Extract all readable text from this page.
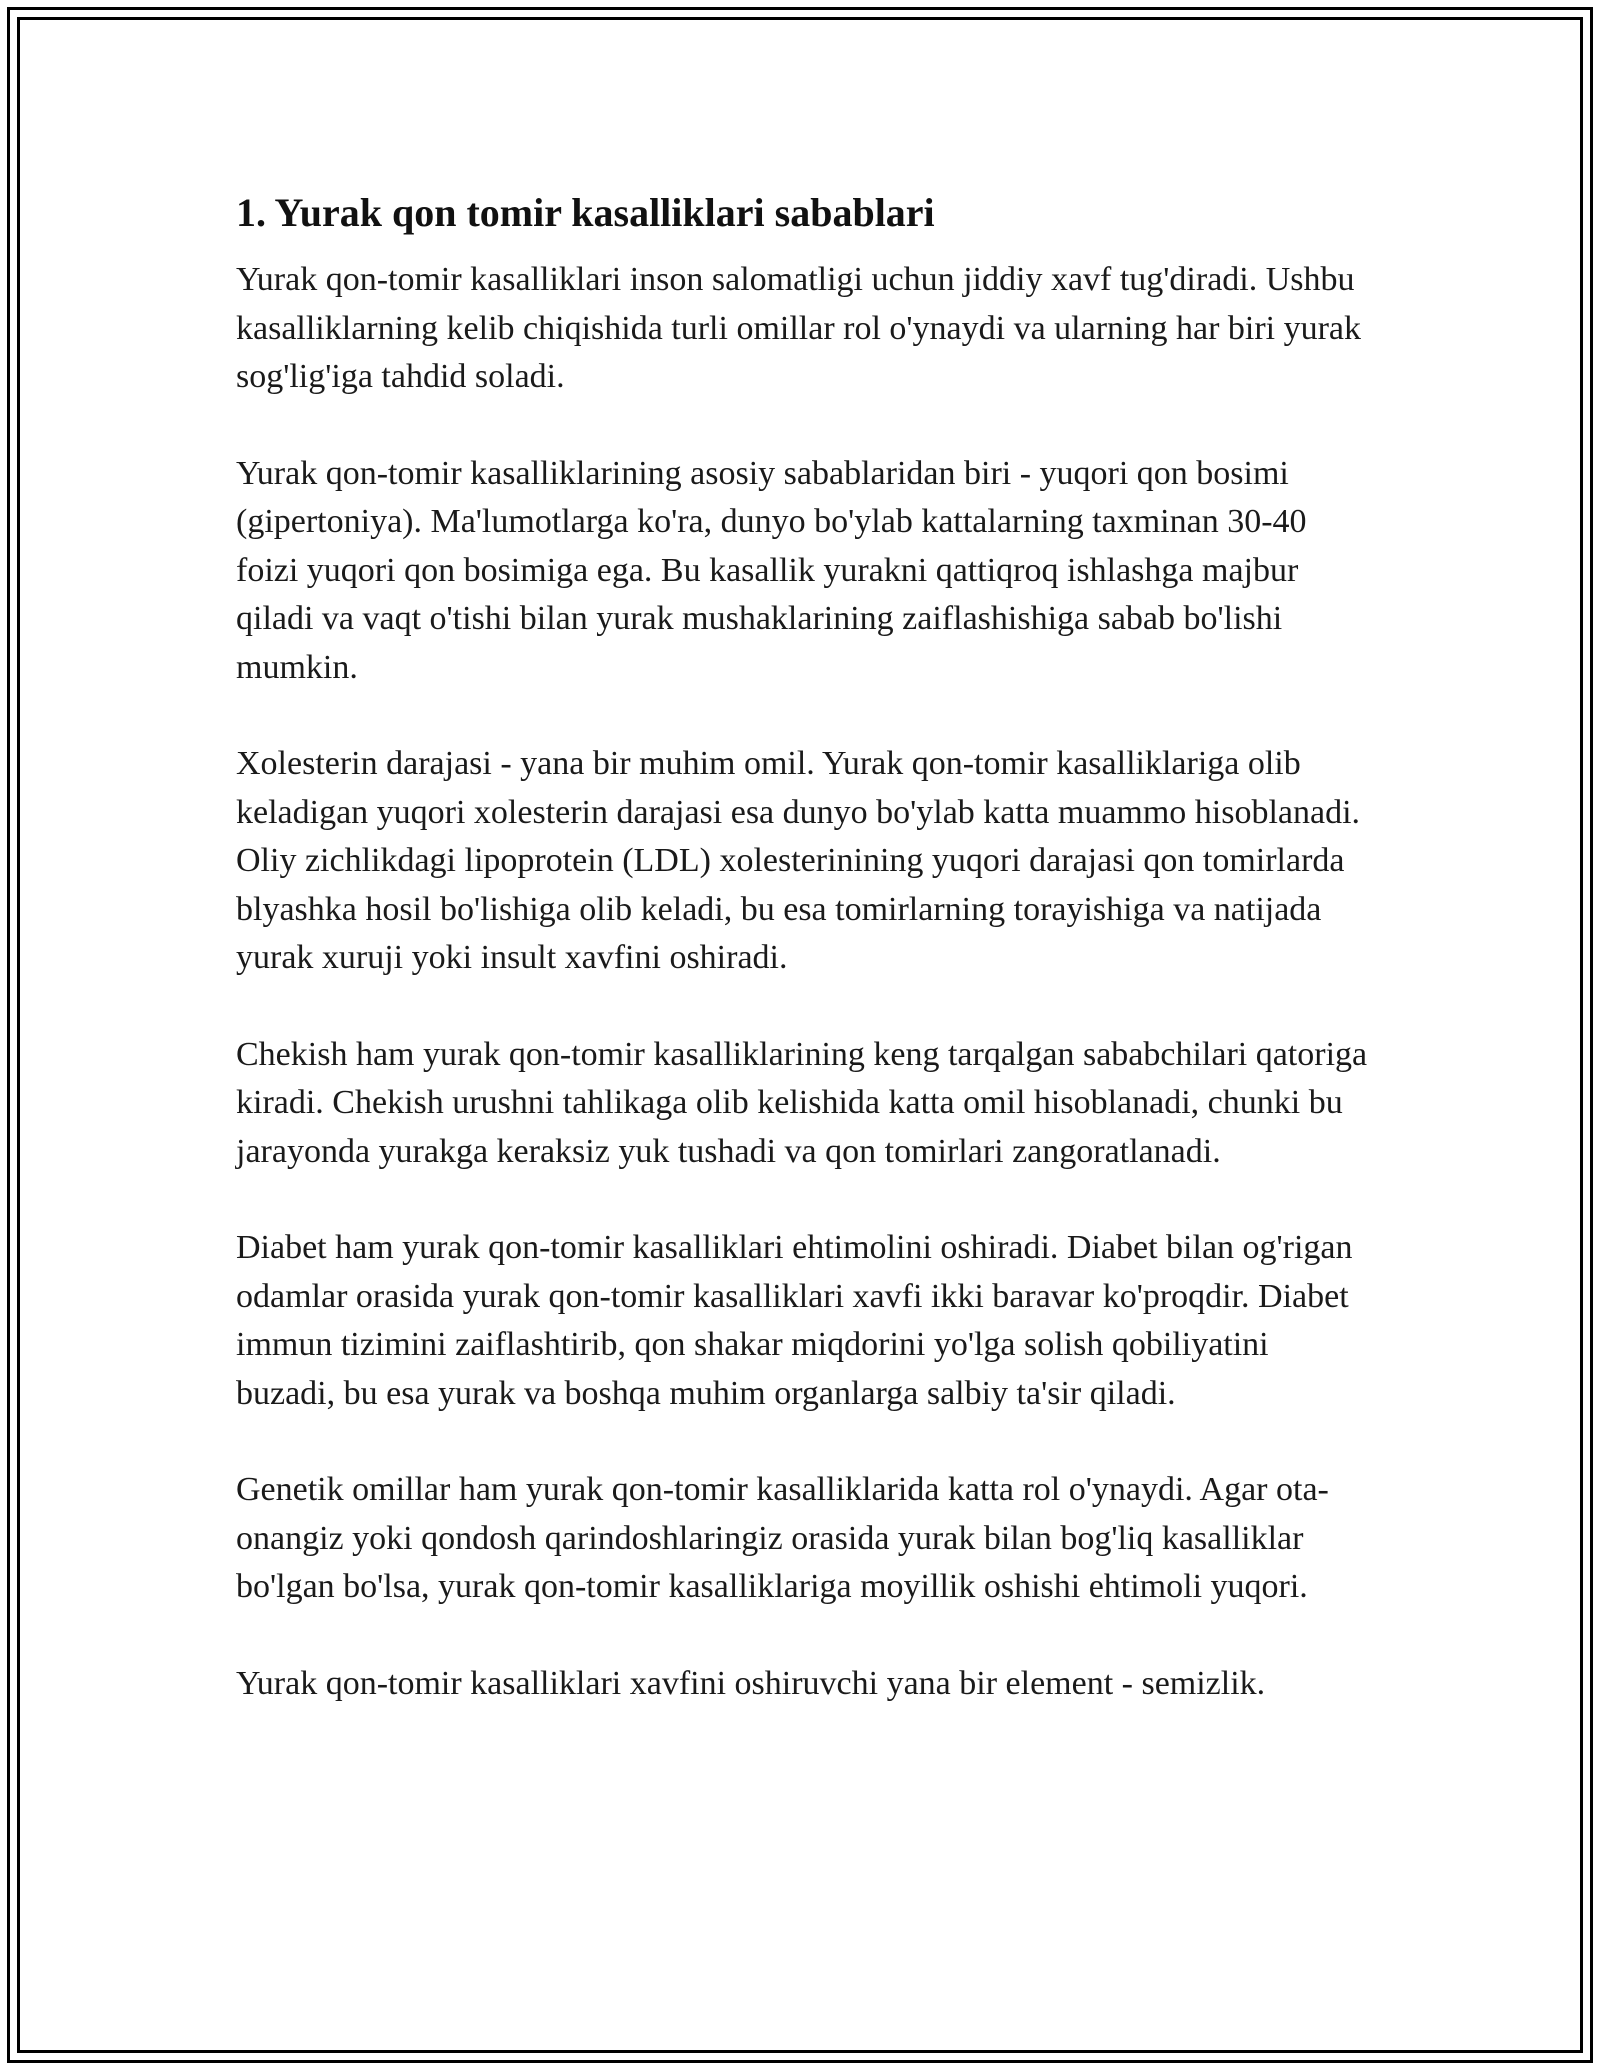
1. Yurak qon tomir kasalliklari sabablari

Yurak qon-tomir kasalliklari inson salomatligi uchun jiddiy xavf tug'diradi. Ushbu kasalliklarning kelib chiqishida turli omillar rol o'ynaydi va ularning har biri yurak sog'lig'iga tahdid soladi.

Yurak qon-tomir kasalliklarining asosiy sabablaridan biri - yuqori qon bosimi (gipertoniya). Ma'lumotlarga ko'ra, dunyo bo'ylab kattalarning taxminan 30-40 foizi yuqori qon bosimiga ega. Bu kasallik yurakni qattiqroq ishlashga majbur qiladi va vaqt o'tishi bilan yurak mushaklarining zaiflashishiga sabab bo'lishi mumkin.

Xolesterin darajasi - yana bir muhim omil. Yurak qon-tomir kasalliklariga olib keladigan yuqori xolesterin darajasi esa dunyo bo'ylab katta muammo hisoblanadi. Oliy zichlikdagi lipoprotein (LDL) xolesterinining yuqori darajasi qon tomirlarda blyashka hosil bo'lishiga olib keladi, bu esa tomirlarning torayishiga va natijada yurak xuruji yoki insult xavfini oshiradi.

Chekish ham yurak qon-tomir kasalliklarining keng tarqalgan sababchilari qatoriga kiradi. Chekish urushni tahlikaga olib kelishida katta omil hisoblanadi, chunki bu jarayonda yurakga keraksiz yuk tushadi va qon tomirlari zangoratlanadi.

Diabet ham yurak qon-tomir kasalliklari ehtimolini oshiradi. Diabet bilan og'rigan odamlar orasida yurak qon-tomir kasalliklari xavfi ikki baravar ko'proqdir. Diabet immun tizimini zaiflashtirib, qon shakar miqdorini yo'lga solish qobiliyatini buzadi, bu esa yurak va boshqa muhim organlarga salbiy ta'sir qiladi.

Genetik omillar ham yurak qon-tomir kasalliklarida katta rol o'ynaydi. Agar ota-onangiz yoki qondosh qarindoshlaringiz orasida yurak bilan bog'liq kasalliklar bo'lgan bo'lsa, yurak qon-tomir kasalliklariga moyillik oshishi ehtimoli yuqori.

Yurak qon-tomir kasalliklari xavfini oshiruvchi yana bir element - semizlik.
